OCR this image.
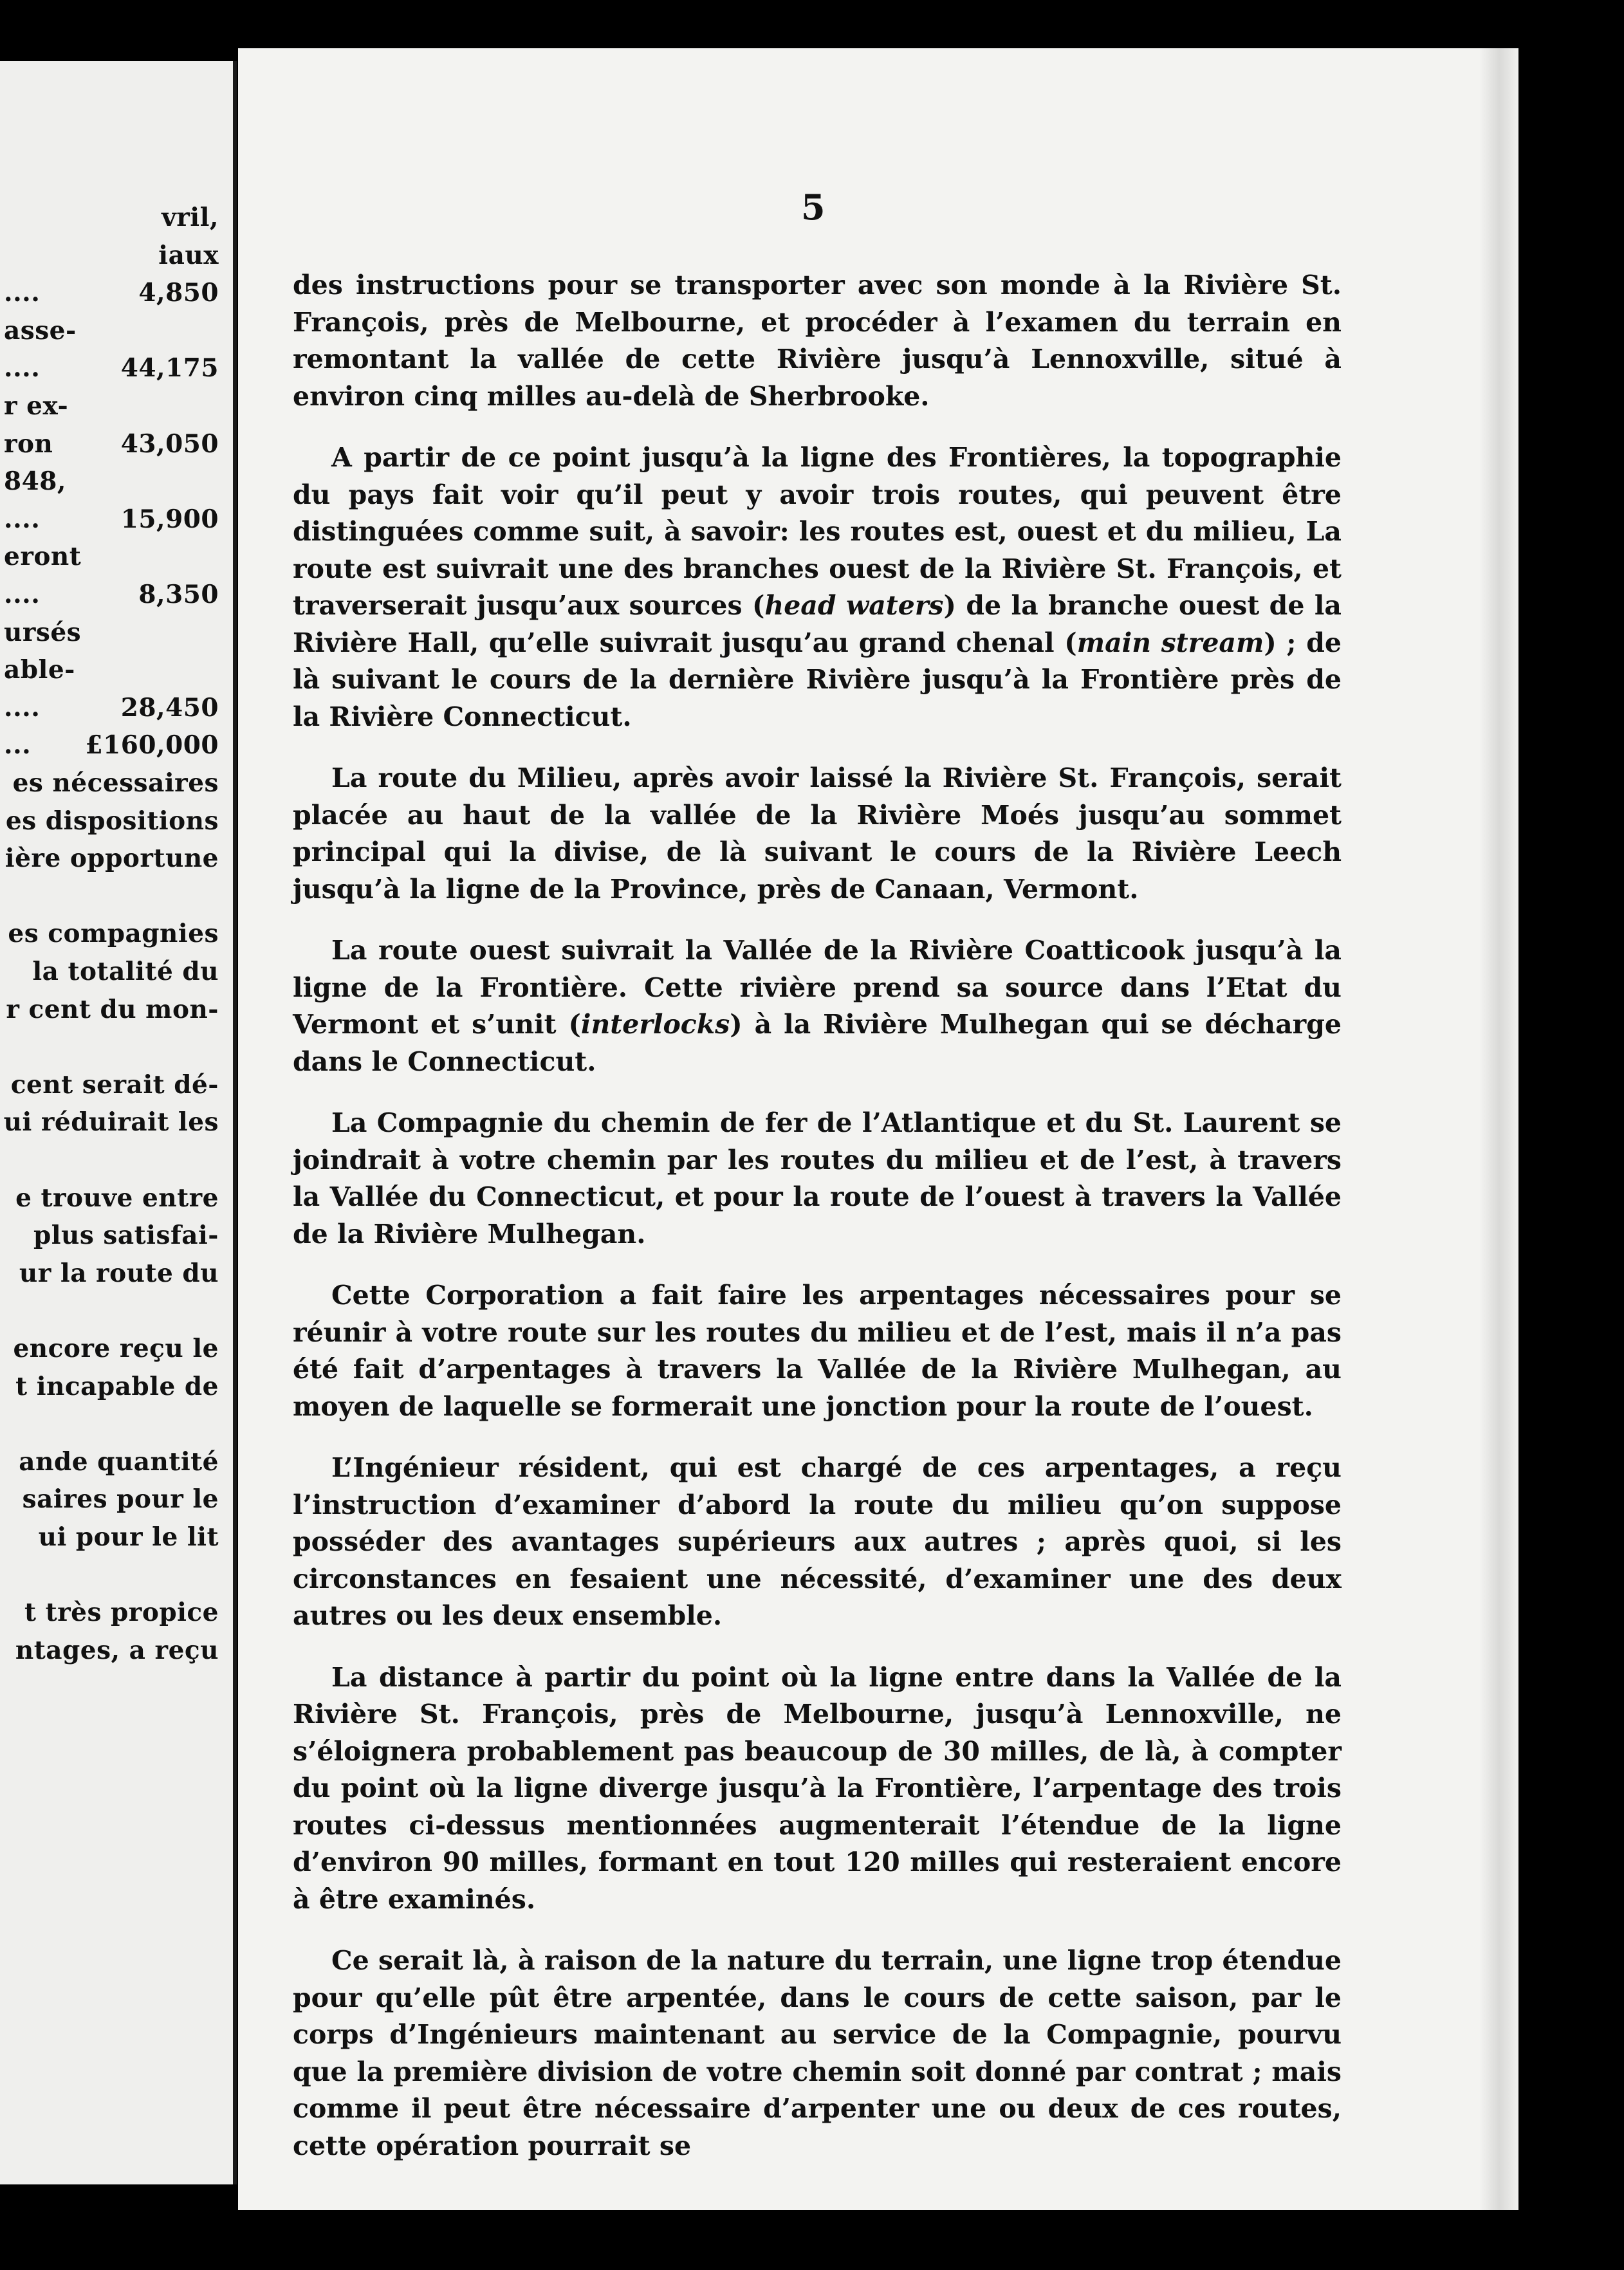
vril,
iaux
....	4,850
asse-
....	44,175
r ex-
ron	43,050
848,
....	15,900
eront
....	8,350
ursés
able-
....	28,450
... £160,000
es nécessaires
es dispositions
ière opportune
es compagnies
la totalité du
r cent du mon-
cent serait dé-
ui réduirait les
e trouve entre
plus satisfai-
ur la route du
encore reçu le
t incapable de
ande quantité
saires pour le
ui pour le lit
t très propice
ntages, a reçu
5

des instructions pour se transporter avec son monde à la Rivière St. François, près de Melbourne, et procéder à l’examen du terrain en remontant la vallée de cette Rivière jusqu’à Lennoxville, situé à environ cinq milles au-delà de Sherbrooke.

A partir de ce point jusqu’à la ligne des Frontières, la topographie du pays fait voir qu’il peut y avoir trois routes, qui peuvent être distinguées comme suit, à savoir: les routes est, ouest et du milieu, La route est suivrait une des branches ouest de la Rivière St. François, et traverserait jusqu’aux sources (head waters) de la branche ouest de la Rivière Hall, qu’elle suivrait jusqu’au grand chenal (main stream) ; de là suivant le cours de la dernière Rivière jusqu’à la Frontière près de la Rivière Connecticut.

La route du Milieu, après avoir laissé la Rivière St. François, serait placée au haut de la vallée de la Rivière Moés jusqu’au sommet principal qui la divise, de là suivant le cours de la Rivière Leech jusqu’à la ligne de la Province, près de Canaan, Vermont.

La route ouest suivrait la Vallée de la Rivière Coatticook jusqu’à la ligne de la Frontière. Cette rivière prend sa source dans l’Etat du Vermont et s’unit (interlocks) à la Rivière Mulhegan qui se décharge dans le Connecticut.

La Compagnie du chemin de fer de l’Atlantique et du St. Laurent se joindrait à votre chemin par les routes du milieu et de l’est, à travers la Vallée du Connecticut, et pour la route de l’ouest à travers la Vallée de la Rivière Mulhegan.

Cette Corporation a fait faire les arpentages nécessaires pour se réunir à votre route sur les routes du milieu et de l’est, mais il n’a pas été fait d’arpentages à travers la Vallée de la Rivière Mulhegan, au moyen de laquelle se formerait une jonction pour la route de l’ouest.

L’Ingénieur résident, qui est chargé de ces arpentages, a reçu l’instruction d’examiner d’abord la route du milieu qu’on suppose posséder des avantages supérieurs aux autres ; après quoi, si les circonstances en fesaient une nécessité, d’examiner une des deux autres ou les deux ensemble.

La distance à partir du point où la ligne entre dans la Vallée de la Rivière St. François, près de Melbourne, jusqu’à Lennoxville, ne s’éloignera probablement pas beaucoup de 30 milles, de là, à compter du point où la ligne diverge jusqu’à la Frontière, l’arpentage des trois routes ci-dessus mentionnées augmenterait l’étendue de la ligne d’environ 90 milles, formant en tout 120 milles qui resteraient encore à être examinés.

Ce serait là, à raison de la nature du terrain, une ligne trop étendue pour qu’elle pût être arpentée, dans le cours de cette saison, par le corps d’Ingénieurs maintenant au service de la Compagnie, pourvu que la première division de votre chemin soit donné par contrat ; mais comme il peut être nécessaire d’arpenter une ou deux de ces routes, cette opération pourrait se
